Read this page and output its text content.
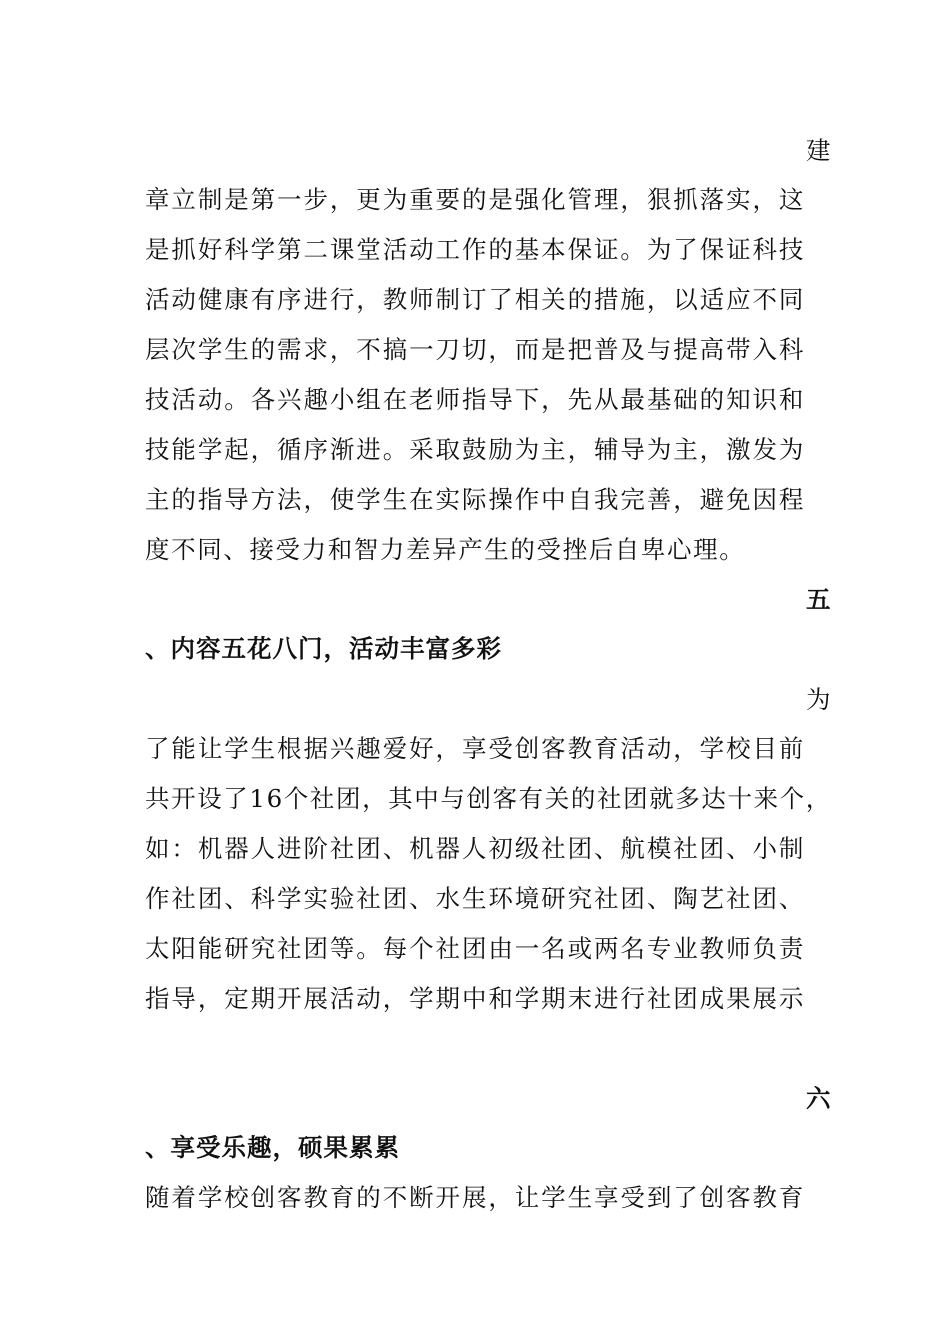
建
章立制是第一步，更为重要的是强化管理，狠抓落实，这
是抓好科学第二课堂活动工作的基本保证。为了保证科技
活动健康有序进行，教师制订了相关的措施，以适应不同
层次学生的需求，不搞一刀切，而是把普及与提高带入科
技活动。各兴趣小组在老师指导下，先从最基础的知识和
技能学起，循序渐进。采取鼓励为主，辅导为主，激发为
主的指导方法，使学生在实际操作中自我完善，避免因程
度不同、接受力和智力差异产生的受挫后自卑心理。
五
、内容五花八门，活动丰富多彩
为
了能让学生根据兴趣爱好，享受创客教育活动，学校目前
共开设了16个社团，其中与创客有关的社团就多达十来个，
如：机器人进阶社团、机器人初级社团、航模社团、小制
作社团、科学实验社团、水生环境研究社团、陶艺社团、
太阳能研究社团等。每个社团由一名或两名专业教师负责
指导，定期开展活动，学期中和学期末进行社团成果展示
六
、享受乐趣，硕果累累
随着学校创客教育的不断开展，让学生享受到了创客教育
